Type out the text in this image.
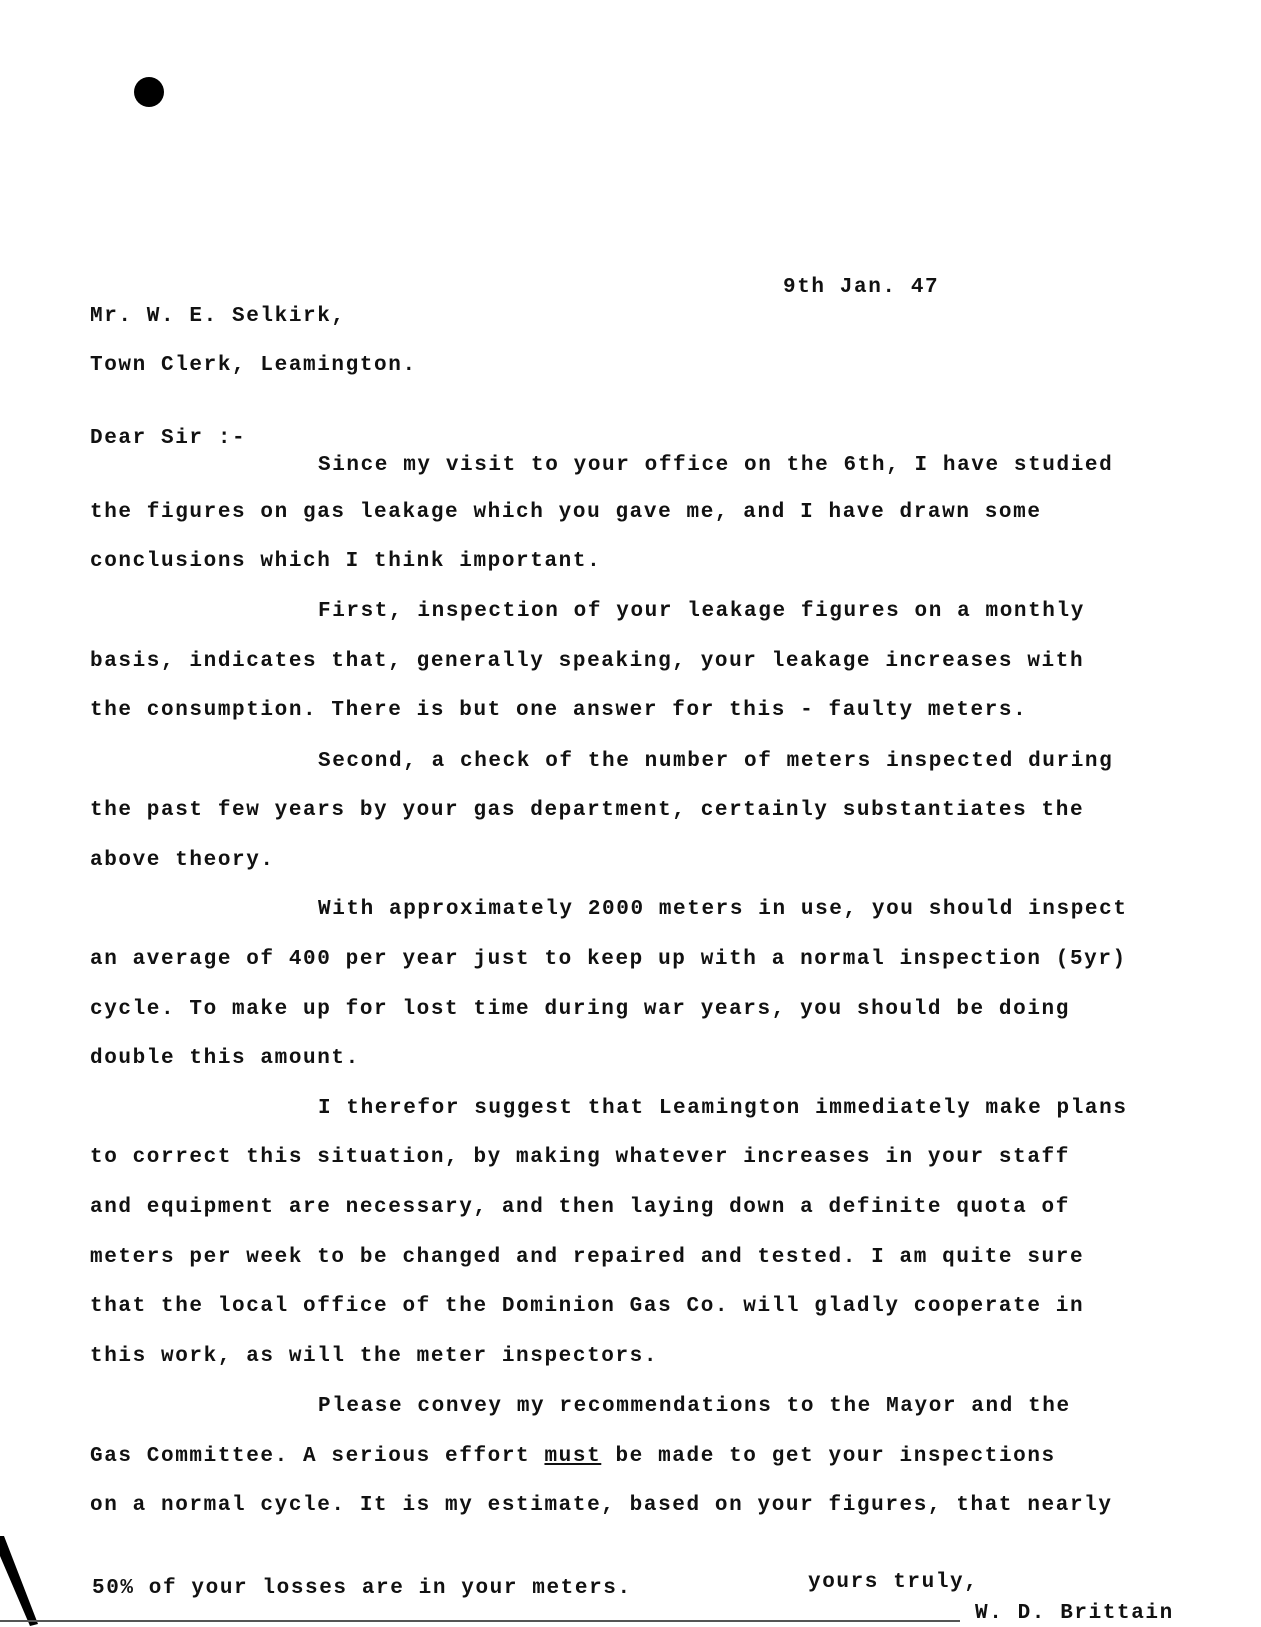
9th Jan. 47
Mr. W. E. Selkirk,
Town Clerk, Leamington.
Dear Sir :-
Since my visit to your office on the 6th, I have studied
the figures on gas leakage which you gave me, and I have drawn some
conclusions which I think important.
First, inspection of your leakage figures on a monthly
basis, indicates that, generally speaking, your leakage increases with
the consumption. There is but one answer for this - faulty meters.
Second, a check of the number of meters inspected during
the past few years by your gas department, certainly substantiates the
above theory.
With approximately 2000 meters in use, you should inspect
an average of 400 per year just to keep up with a normal inspection (5yr)
cycle. To make up for lost time during war years, you should be doing
double this amount.
I therefor suggest that Leamington immediately make plans
to correct this situation, by making whatever increases in your staff
and equipment are necessary, and then laying down a definite quota of
meters per week to be changed and repaired and tested. I am quite sure
that the local office of the Dominion Gas Co. will gladly cooperate in
this work, as will the meter inspectors.
Please convey my recommendations to the Mayor and the
Gas Committee. A serious effort must be made to get your inspections
on a normal cycle. It is my estimate, based on your figures, that nearly
50% of your losses are in your meters.	yours truly,
W. D. Brittain
